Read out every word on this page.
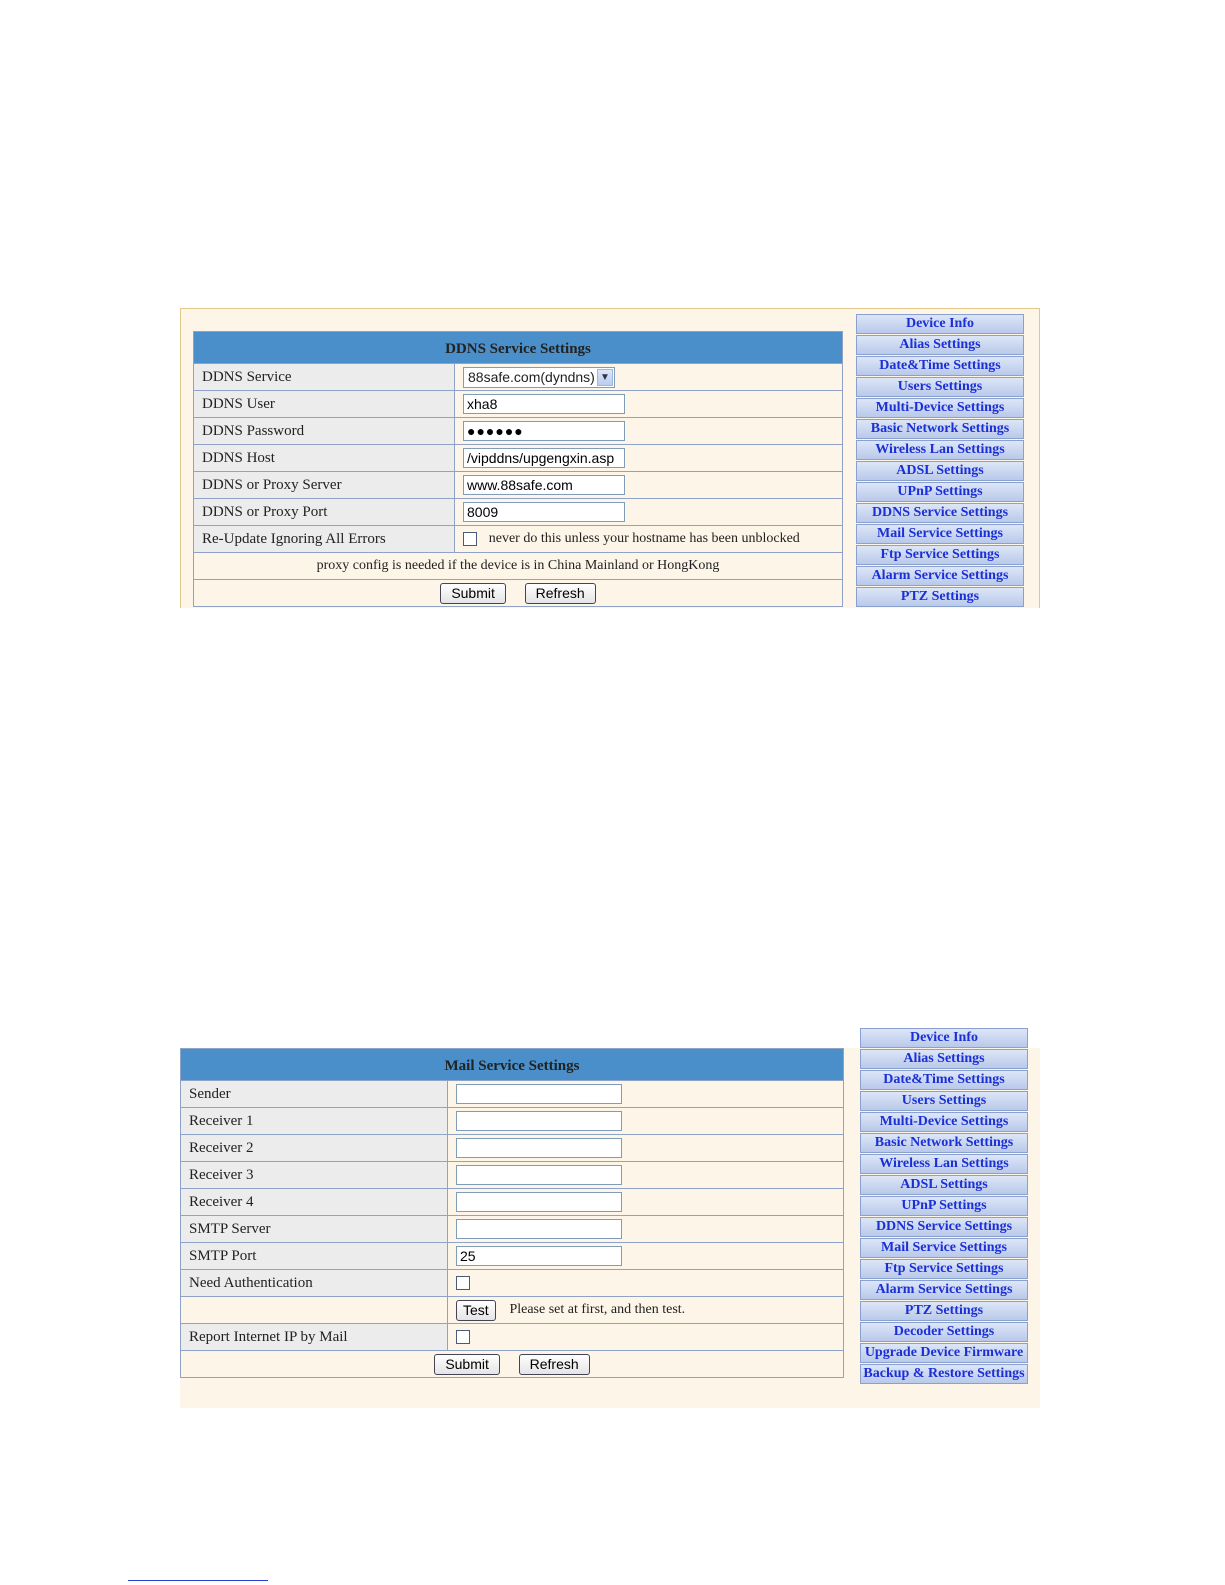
DDNS Service Settings	
DDNS Service	88safe.com(dyndns) ▼

DDNS User	xha8
DDNS Password	●●●●●●
DDNS Host	/vipddns/upgengxin.asp
DDNS or Proxy Server	www.88safe.com
DDNS or Proxy Port	8009
Re-Update Ignoring All Errors	never do this unless your hostname has been unblocked
proxy config is needed if the device is in China Mainland or HongKong	
Submit Refresh	
Device Info
Alias Settings
Date&Time Settings
Users Settings
Multi-Device Settings
Basic Network Settings
Wireless Lan Settings
ADSL Settings
UPnP Settings
DDNS Service Settings
Mail Service Settings
Ftp Service Settings
Alarm Service Settings
PTZ Settings
Mail Service Settings	
Sender	
Receiver 1	
Receiver 2	
Receiver 3	
Receiver 4	
SMTP Server	
SMTP Port	25
Need Authentication	
	Test Please set at first, and then test.
Report Internet IP by Mail	
Submit Refresh	
Device Info
Alias Settings
Date&Time Settings
Users Settings
Multi-Device Settings
Basic Network Settings
Wireless Lan Settings
ADSL Settings
UPnP Settings
DDNS Service Settings
Mail Service Settings
Ftp Service Settings
Alarm Service Settings
PTZ Settings
Decoder Settings
Upgrade Device Firmware
Backup & Restore Settings
